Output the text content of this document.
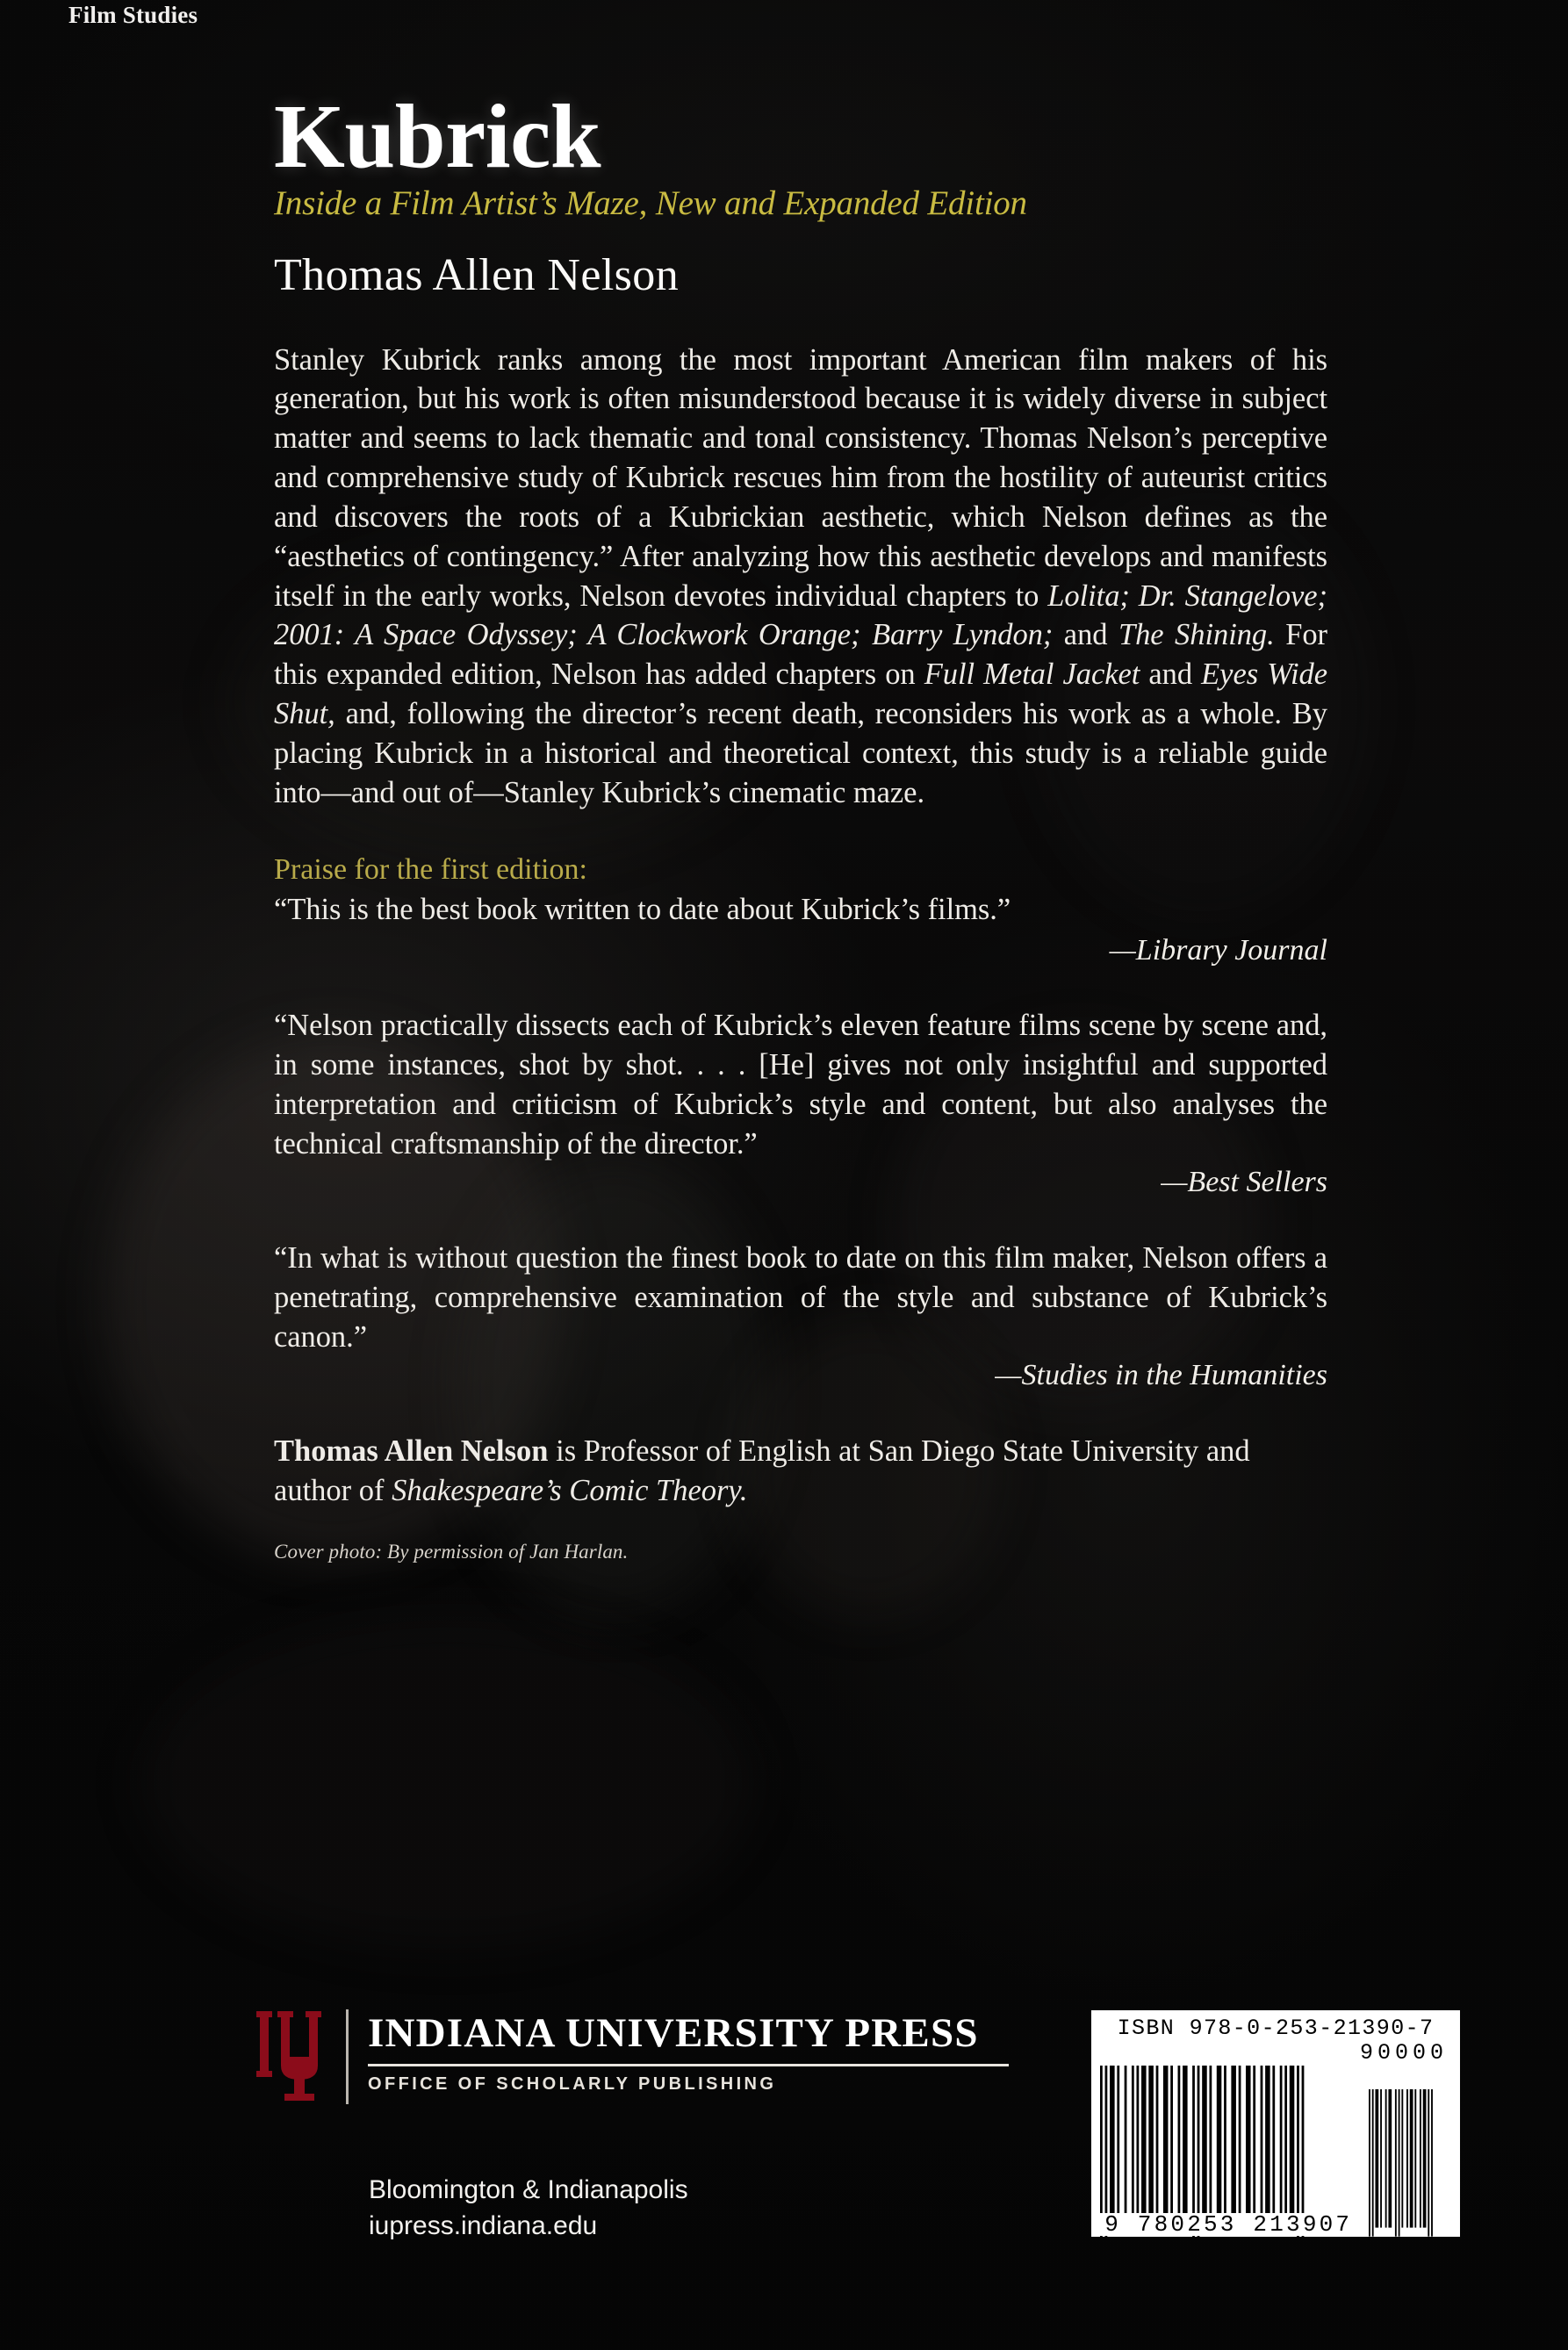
Film Studies
Kubrick
Inside a Film Artist’s Maze, New and Expanded Edition
Thomas Allen Nelson

Stanley Kubrick ranks among the most important American film makers of his generation, but his work is often misunderstood because it is widely diverse in subject matter and seems to lack thematic and tonal consistency. Thomas Nelson’s perceptive and comprehensive study of Kubrick rescues him from the hostility of auteurist critics and discovers the roots of a Kubrickian aesthetic, which Nelson defines as the “aesthetics of contingency.” After analyzing how this aesthetic develops and manifests itself in the early works, Nelson devotes individual chapters to Lolita; Dr. Stangelove; 2001: A Space Odyssey; A Clockwork Orange; Barry Lyndon; and The Shining. For this expanded edition, Nelson has added chapters on Full Metal Jacket and Eyes Wide Shut, and, following the director’s recent death, reconsiders his work as a whole. By placing Kubrick in a historical and theoretical context, this study is a reliable guide into—and out of—Stanley Kubrick’s cinematic maze.

Praise for the first edition:

“This is the best book written to date about Kubrick’s films.”

—Library Journal

“Nelson practically dissects each of Kubrick’s eleven feature films scene by scene and, in some instances, shot by shot. . . . [He] gives not only insightful and supported interpretation and criticism of Kubrick’s style and content, but also analyses the technical craftsmanship of the director.”

—Best Sellers

“In what is without question the finest book to date on this film maker, Nelson offers a penetrating, comprehensive examination of the style and substance of Kubrick’s canon.”

—Studies in the Humanities

Thomas Allen Nelson is Professor of English at San Diego State University and author of Shakespeare’s Comic Theory.

Cover photo: By permission of Jan Harlan.

INDIANA UNIVERSITY PRESS
OFFICE OF SCHOLARLY PUBLISHING
Bloomington & Indianapolis
iupress.indiana.edu
ISBN 978-0-253-21390-7
90000
9 780253 213907
